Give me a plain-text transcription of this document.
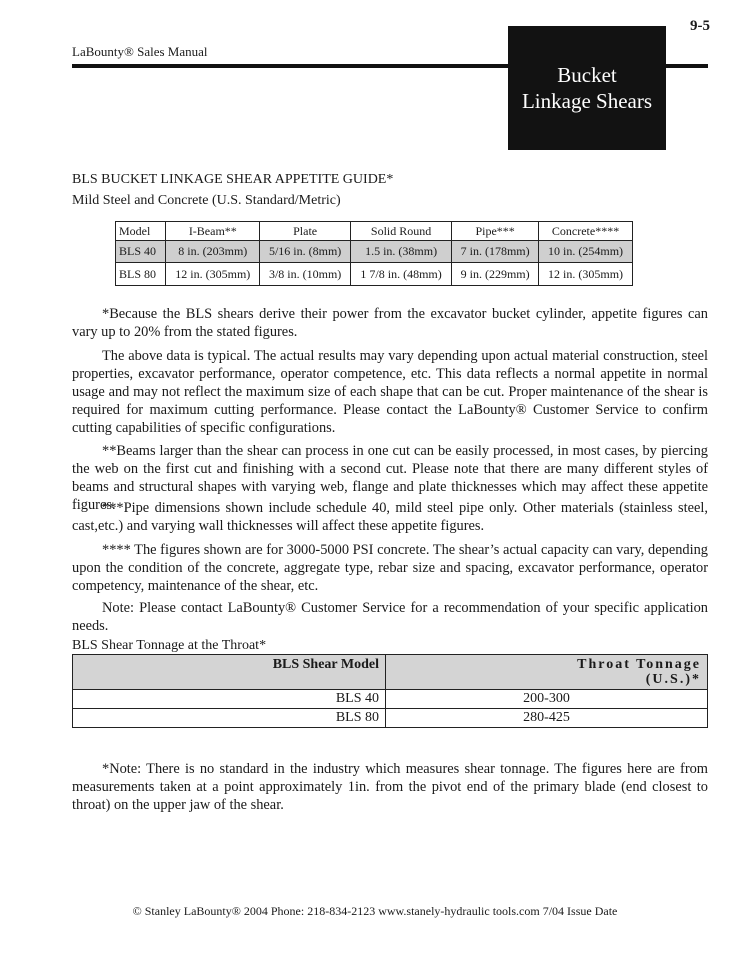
9-5
LaBounty® Sales Manual
Bucket
Linkage Shears
BLS BUCKET LINKAGE SHEAR APPETITE GUIDE*
Mild Steel and Concrete (U.S. Standard/Metric)
Model	I-Beam**	Plate	Solid Round	Pipe***	Concrete****
BLS 40	8 in. (203mm)	5/16 in. (8mm)	1.5 in. (38mm)	7 in. (178mm)	10 in. (254mm)
BLS 80	12 in. (305mm)	3/8 in. (10mm)	1 7/8 in. (48mm)	9 in. (229mm)	12 in. (305mm)

*Because the BLS shears derive their power from the excavator bucket cylinder, appetite figures can vary up to 20% from the stated figures.

The above data is typical. The actual results may vary depending upon actual material construction, steel properties, excavator performance, operator competence, etc. This data reflects a normal appetite in normal usage and may not reflect the maximum size of each shape that can be cut. Proper maintenance of the shear is required for maximum cutting performance. Please contact the LaBounty® Customer Service to confirm cutting capabilities of specific configurations.

**Beams larger than the shear can process in one cut can be easily processed, in most cases, by piercing the web on the first cut and finishing with a second cut. Please note that there are many different styles of beams and structural shapes with varying web, flange and plate thicknesses which may affect these appetite figures.

***Pipe dimensions shown include schedule 40, mild steel pipe only. Other materials (stainless steel, cast,etc.) and varying wall thicknesses will affect these appetite figures.

**** The figures shown are for 3000-5000 PSI concrete. The shear’s actual capacity can vary, depending upon the condition of the concrete, aggregate type, rebar size and spacing, excavator performance, operator competency, maintenance of the shear, etc.

Note: Please contact LaBounty® Customer Service for a recommendation of your specific application needs.

BLS Shear Tonnage at the Throat*
BLS Shear Model	Throat Tonnage
(U.S.)*
BLS 40	200-300
BLS 80	280-425

*Note: There is no standard in the industry which measures shear tonnage. The figures here are from measurements taken at a point approximately 1in. from the pivot end of the primary blade (end closest to throat) on the upper jaw of the shear.

© Stanley LaBounty® 2004 Phone: 218-834-2123 www.stanely-hydraulic tools.com 7/04 Issue Date
